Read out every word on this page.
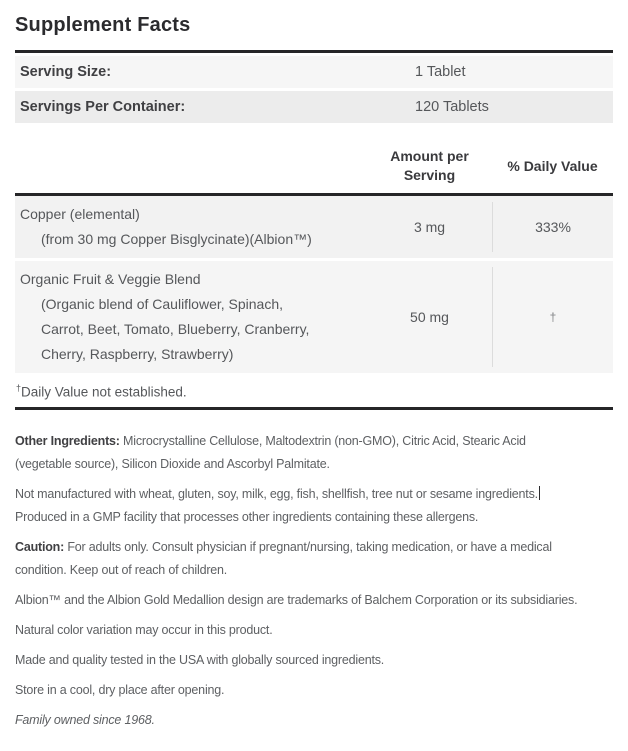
Supplement Facts
Serving Size:	1 Tablet
Servings Per Container:	120 Tablets
Amount per
Serving
% Daily Value
Copper (elemental)
(from 30 mg Copper Bisglycinate)(Albion™)
3 mg	333%
Organic Fruit & Veggie Blend
(Organic blend of Cauliflower, Spinach,
Carrot, Beet, Tomato, Blueberry, Cranberry,
Cherry, Raspberry, Strawberry)
50 mg	†
†Daily Value not established.

Other Ingredients: Microcrystalline Cellulose, Maltodextrin (non-GMO), Citric Acid, Stearic Acid
(vegetable source), Silicon Dioxide and Ascorbyl Palmitate.

Not manufactured with wheat, gluten, soy, milk, egg, fish, shellfish, tree nut or sesame ingredients.
Produced in a GMP facility that processes other ingredients containing these allergens.

Caution: For adults only. Consult physician if pregnant/nursing, taking medication, or have a medical
condition. Keep out of reach of children.

Albion™ and the Albion Gold Medallion design are trademarks of Balchem Corporation or its subsidiaries.

Natural color variation may occur in this product.

Made and quality tested in the USA with globally sourced ingredients.

Store in a cool, dry place after opening.

Family owned since 1968.
